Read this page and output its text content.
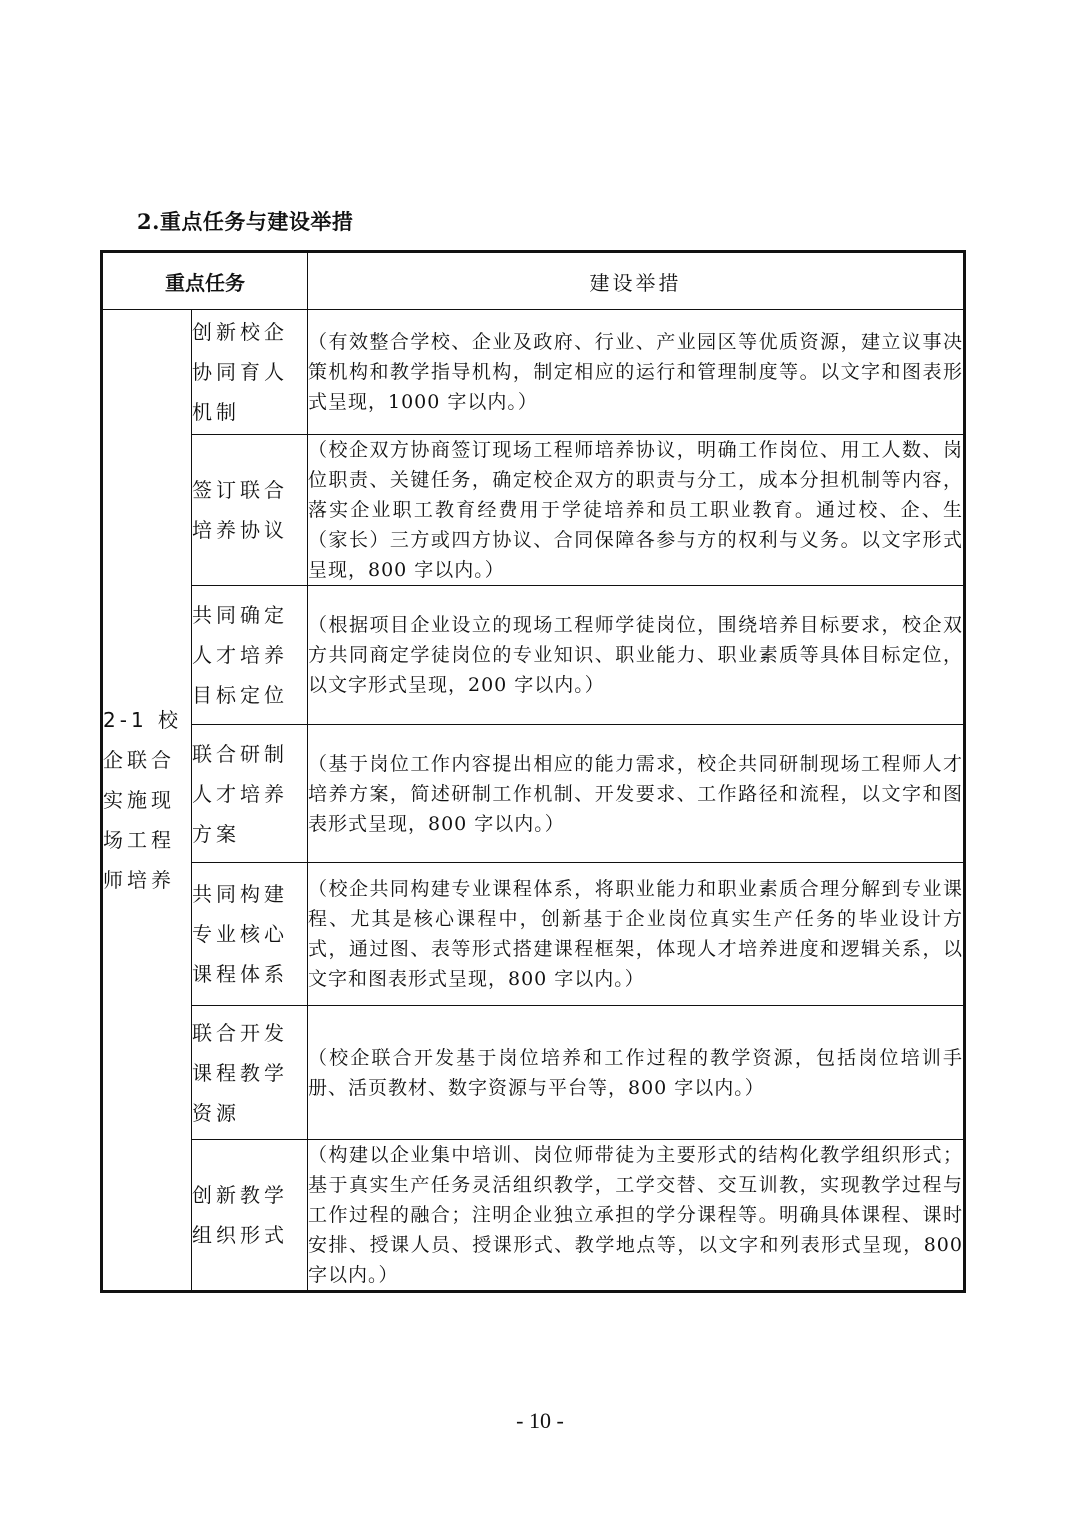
2.重点任务与建设举措
重点任务		建设举措
2-1 校企联合实施现场工程师培养	创新校企协同育人机制	（有效整合学校、企业及政府、行业、产业园区等优质资源，建立议事决策机构和教学指导机构，制定相应的运行和管理制度等。以文字和图表形式呈现，1000 字以内。）
	签订联合培养协议	（校企双方协商签订现场工程师培养协议，明确工作岗位、用工人数、岗位职责、关键任务，确定校企双方的职责与分工，成本分担机制等内容，落实企业职工教育经费用于学徒培养和员工职业教育。通过校、企、生（家长）三方或四方协议、合同保障各参与方的权利与义务。以文字形式呈现，800 字以内。）
	共同确定人才培养目标定位	（根据项目企业设立的现场工程师学徒岗位，围绕培养目标要求，校企双方共同商定学徒岗位的专业知识、职业能力、职业素质等具体目标定位，以文字形式呈现，200 字以内。）
	联合研制人才培养方案	（基于岗位工作内容提出相应的能力需求，校企共同研制现场工程师人才培养方案，简述研制工作机制、开发要求、工作路径和流程，以文字和图表形式呈现，800 字以内。）
	共同构建专业核心课程体系	（校企共同构建专业课程体系，将职业能力和职业素质合理分解到专业课程、尤其是核心课程中，创新基于企业岗位真实生产任务的毕业设计方式，通过图、表等形式搭建课程框架，体现人才培养进度和逻辑关系，以文字和图表形式呈现，800 字以内。）
	联合开发课程教学资源	（校企联合开发基于岗位培养和工作过程的教学资源，包括岗位培训手册、活页教材、数字资源与平台等，800 字以内。）
	创新教学组织形式	（构建以企业集中培训、岗位师带徒为主要形式的结构化教学组织形式；基于真实生产任务灵活组织教学，工学交替、交互训教，实现教学过程与工作过程的融合；注明企业独立承担的学分课程等。明确具体课程、课时安排、授课人员、授课形式、教学地点等，以文字和列表形式呈现，800 字以内。）
- 10 -
